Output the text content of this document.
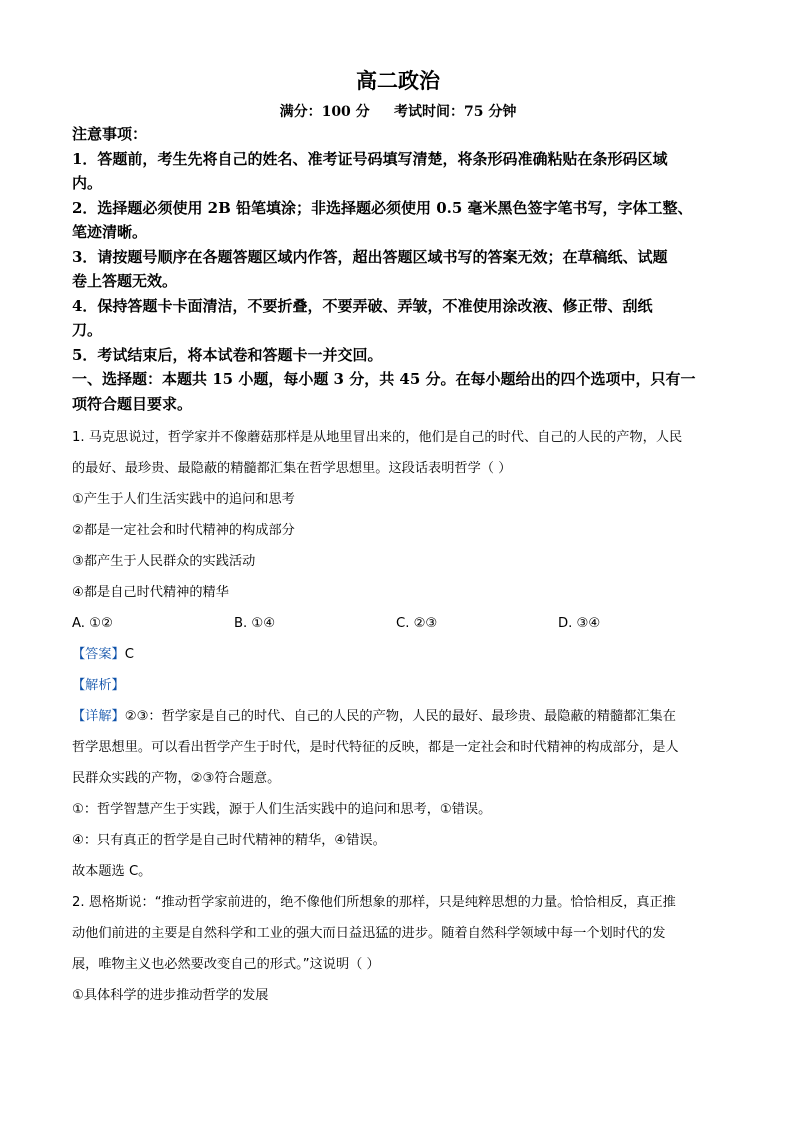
高二政治
满分：100 分     考试时间：75 分钟

注意事项：

1．答题前，考生先将自己的姓名、准考证号码填写清楚，将条形码准确粘贴在条形码区域

内。

2．选择题必须使用 2B 铅笔填涂；非选择题必须使用 0.5 毫米黑色签字笔书写，字体工整、

笔迹清晰。

3．请按题号顺序在各题答题区域内作答，超出答题区域书写的答案无效；在草稿纸、试题

卷上答题无效。

4．保持答题卡卡面清洁，不要折叠，不要弄破、弄皱，不准使用涂改液、修正带、刮纸

刀。

5．考试结束后，将本试卷和答题卡一并交回。

一、选择题：本题共 15 小题，每小题 3 分，共 45 分。在每小题给出的四个选项中，只有一

项符合题目要求。

1. 马克思说过，哲学家并不像蘑菇那样是从地里冒出来的，他们是自己的时代、自己的人民的产物，人民

的最好、最珍贵、最隐蔽的精髓都汇集在哲学思想里。这段话表明哲学（ ）

①产生于人们生活实践中的追问和思考

②都是一定社会和时代精神的构成部分

③都产生于人民群众的实践活动

④都是自己时代精神的精华

A. ①②	B. ①④	C. ②③	D. ③④

【答案】C

【解析】

【详解】②③：哲学家是自己的时代、自己的人民的产物，人民的最好、最珍贵、最隐蔽的精髓都汇集在

哲学思想里。可以看出哲学产生于时代，是时代特征的反映，都是一定社会和时代精神的构成部分，是人

民群众实践的产物，②③符合题意。

①：哲学智慧产生于实践，源于人们生活实践中的追问和思考，①错误。

④：只有真正的哲学是自己时代精神的精华，④错误。

故本题选 C。

2. 恩格斯说：“推动哲学家前进的，绝不像他们所想象的那样，只是纯粹思想的力量。恰恰相反，真正推

动他们前进的主要是自然科学和工业的强大而日益迅猛的进步。随着自然科学领域中每一个划时代的发

展，唯物主义也必然要改变自己的形式。”这说明（ ）

①具体科学的进步推动哲学的发展
